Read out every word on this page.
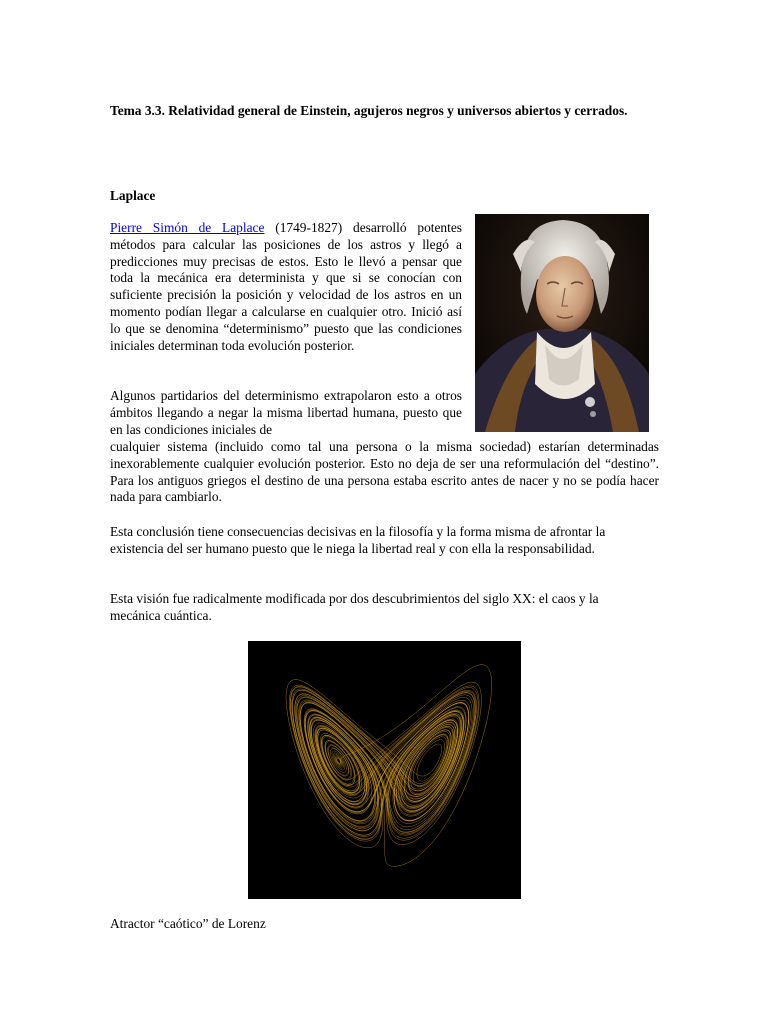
Tema 3.3. Relatividad general de Einstein, agujeros negros y universos abiertos y cerrados.
Laplace

Pierre Simón de Laplace (1749-1827) desarrolló potentes métodos para calcular las posiciones de los astros y llegó a predicciones muy precisas de estos. Esto le llevó a pensar que toda la mecánica era determinista y que si se conocían con suficiente precisión la posición y velocidad de los astros en un momento podían llegar a calcularse en cualquier otro. Inició así lo que se denomina “determinismo” puesto que las condiciones iniciales determinan toda evolución posterior.

Algunos partidarios del determinismo extrapolaron esto a otros ámbitos llegando a negar la misma libertad humana, puesto que en las condiciones iniciales de

cualquier sistema (incluido como tal una persona o la misma sociedad) estarían determinadas inexorablemente cualquier evolución posterior. Esto no deja de ser una reformulación del “destino”. Para los antiguos griegos el destino de una persona estaba escrito antes de nacer y no se podía hacer nada para cambiarlo.

Esta conclusión tiene consecuencias decisivas en la filosofía y la forma misma de afrontar la existencia del ser humano puesto que le niega la libertad real y con ella la responsabilidad.

Esta visión fue radicalmente modificada por dos descubrimientos del siglo XX: el caos y la mecánica cuántica.

Atractor “caótico” de Lorenz
